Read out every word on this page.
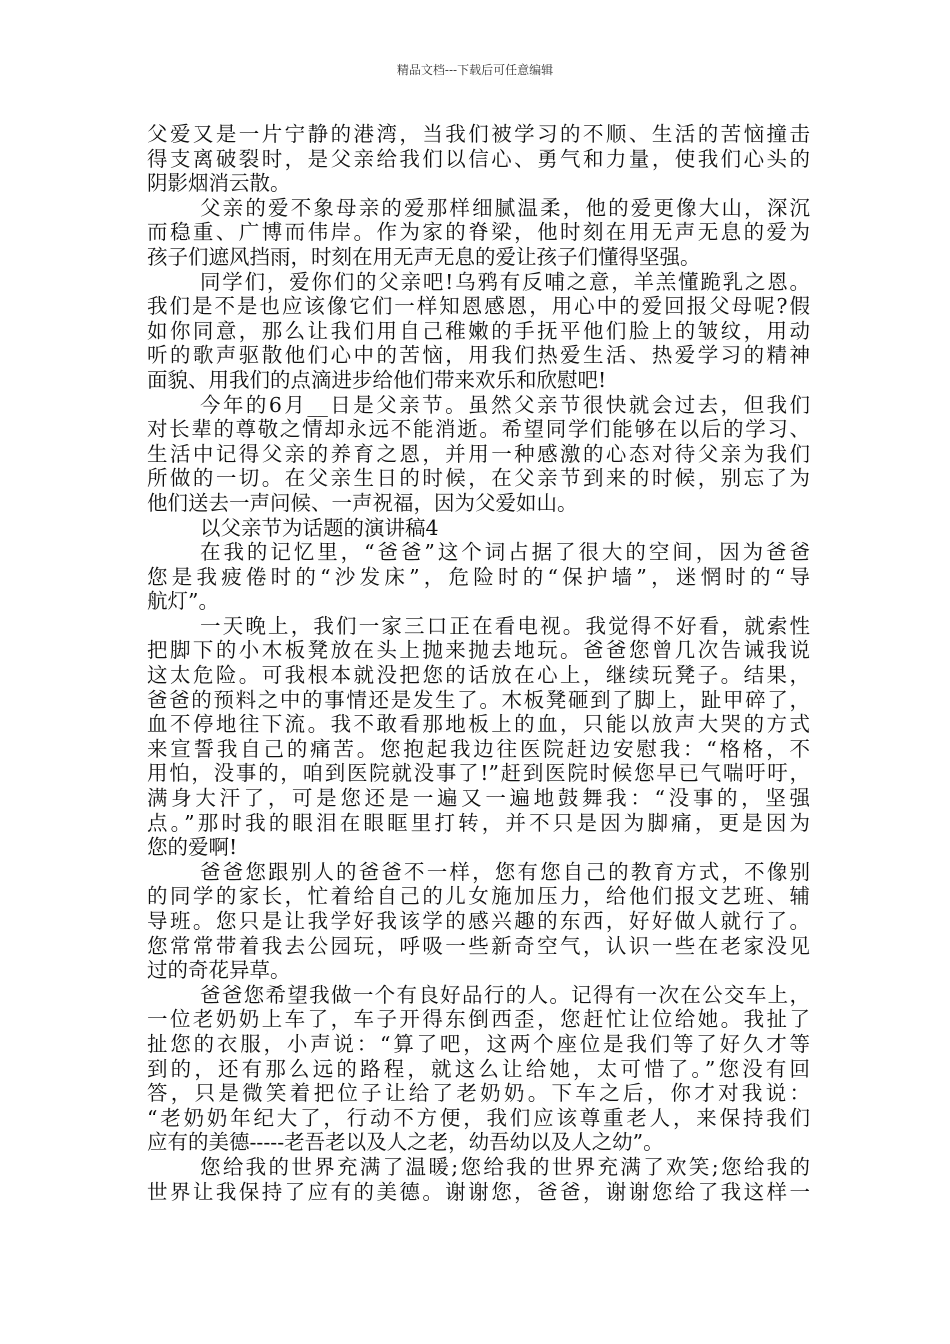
精品文档---下载后可任意编辑
父爱又是一片宁静的港湾，当我们被学习的不顺、生活的苦恼撞击
得支离破裂时，是父亲给我们以信心、勇气和力量，使我们心头的
阴影烟消云散。
父亲的爱不象母亲的爱那样细腻温柔，他的爱更像大山，深沉
而稳重、广博而伟岸。作为家的脊梁，他时刻在用无声无息的爱为
孩子们遮风挡雨，时刻在用无声无息的爱让孩子们懂得坚强。
同学们，爱你们的父亲吧!乌鸦有反哺之意，羊羔懂跪乳之恩。
我们是不是也应该像它们一样知恩感恩，用心中的爱回报父母呢?假
如你同意，那么让我们用自己稚嫩的手抚平他们脸上的皱纹，用动
听的歌声驱散他们心中的苦恼，用我们热爱生活、热爱学习的精神
面貌、用我们的点滴进步给他们带来欢乐和欣慰吧!
今年的6月__日是父亲节。虽然父亲节很快就会过去，但我们
对长辈的尊敬之情却永远不能消逝。希望同学们能够在以后的学习、
生活中记得父亲的养育之恩，并用一种感激的心态对待父亲为我们
所做的一切。在父亲生日的时候，在父亲节到来的时候，别忘了为
他们送去一声问候、一声祝福，因为父爱如山。
以父亲节为话题的演讲稿4
在我的记忆里，“爸爸”这个词占据了很大的空间，因为爸爸
您是我疲倦时的“沙发床”，危险时的“保护墙”，迷惘时的“导
航灯”。
一天晚上，我们一家三口正在看电视。我觉得不好看，就索性
把脚下的小木板凳放在头上抛来抛去地玩。爸爸您曾几次告诫我说
这太危险。可我根本就没把您的话放在心上，继续玩凳子。结果，
爸爸的预料之中的事情还是发生了。木板凳砸到了脚上，趾甲碎了，
血不停地往下流。我不敢看那地板上的血，只能以放声大哭的方式
来宣誓我自己的痛苦。您抱起我边往医院赶边安慰我：“格格，不
用怕，没事的，咱到医院就没事了!”赶到医院时候您早已气喘吁吁，
满身大汗了，可是您还是一遍又一遍地鼓舞我：“没事的，坚强
点。”那时我的眼泪在眼眶里打转，并不只是因为脚痛，更是因为
您的爱啊!
爸爸您跟别人的爸爸不一样，您有您自己的教育方式，不像别
的同学的家长，忙着给自己的儿女施加压力，给他们报文艺班、辅
导班。您只是让我学好我该学的感兴趣的东西，好好做人就行了。
您常常带着我去公园玩，呼吸一些新奇空气，认识一些在老家没见
过的奇花异草。
爸爸您希望我做一个有良好品行的人。记得有一次在公交车上，
一位老奶奶上车了，车子开得东倒西歪，您赶忙让位给她。我扯了
扯您的衣服，小声说：“算了吧，这两个座位是我们等了好久才等
到的，还有那么远的路程，就这么让给她，太可惜了。”您没有回
答，只是微笑着把位子让给了老奶奶。下车之后，你才对我说：
“老奶奶年纪大了，行动不方便，我们应该尊重老人，来保持我们
应有的美德-----老吾老以及人之老，幼吾幼以及人之幼”。
您给我的世界充满了温暖;您给我的世界充满了欢笑;您给我的
世界让我保持了应有的美德。谢谢您，爸爸，谢谢您给了我这样一
